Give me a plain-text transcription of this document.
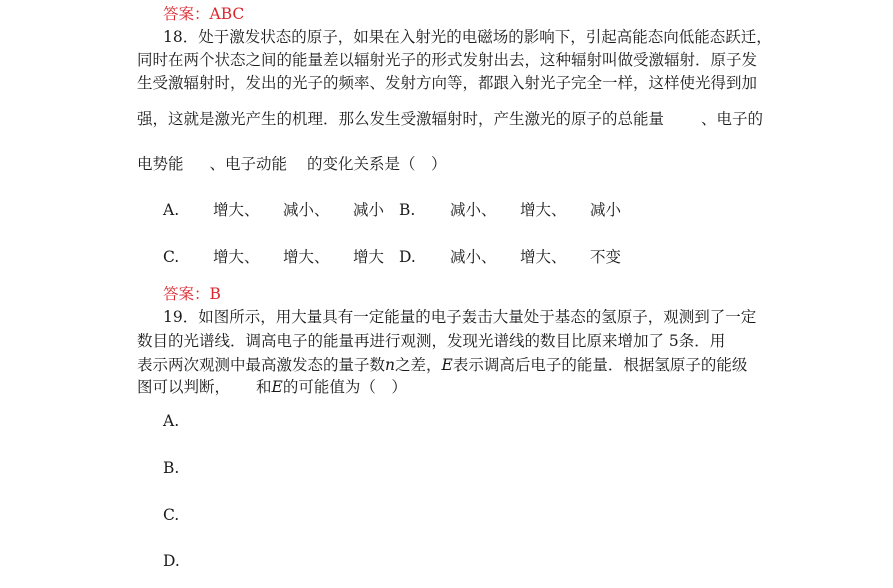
答案：ABC
18．处于激发状态的原子，如果在入射光的电磁场的影响下，引起高能态向低能态跃迁，
同时在两个状态之间的能量差以辐射光子的形式发射出去，这种辐射叫做受激辐射．原子发
生受激辐射时，发出的光子的频率、发射方向等，都跟入射光子完全一样，这样使光得到加
强，这就是激光产生的机理．那么发生受激辐射时，产生激光的原子的总能量 、电子的
电势能 、电子动能 的变化关系是（　）
A. 增大、 减小、 减小 B. 减小、 增大、 减小
C. 增大、 增大、 增大 D. 减小、 增大、 不变
答案：B
19．如图所示，用大量具有一定能量的电子轰击大量处于基态的氢原子，观测到了一定
数目的光谱线．调高电子的能量再进行观测，发现光谱线的数目比原来增加了 5条．用
表示两次观测中最高激发态的量子数n之差，E表示调高后电子的能量．根据氢原子的能级
图可以判断， 和E的可能值为（　）
A.
B.
C.
D.
